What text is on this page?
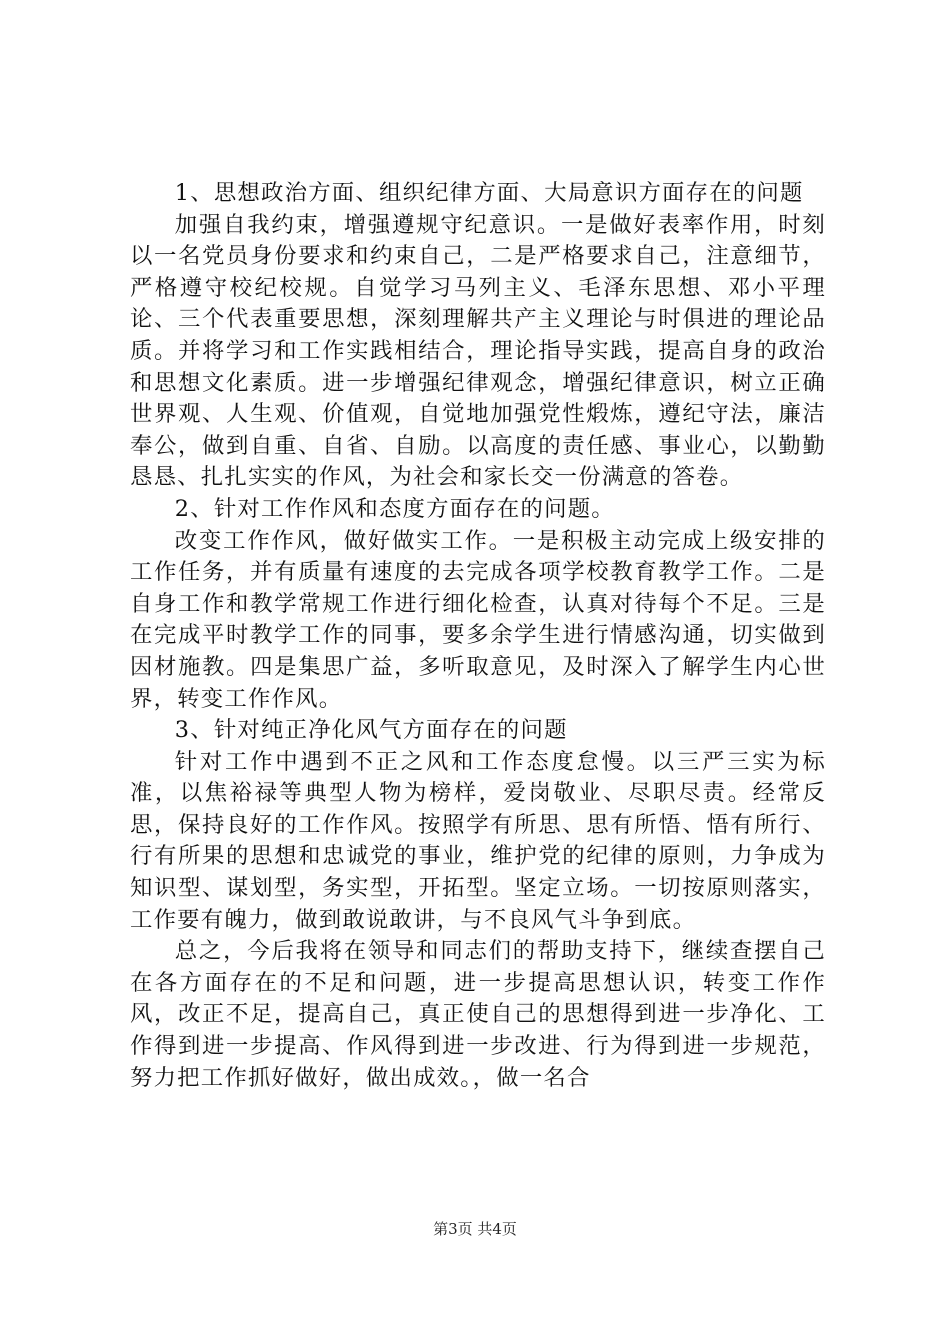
1、思想政治方面、组织纪律方面、大局意识方面存在的问题

加强自我约束，增强遵规守纪意识。一是做好表率作用，时刻以一名党员身份要求和约束自己，二是严格要求自己，注意细节，严格遵守校纪校规。自觉学习马列主义、毛泽东思想、邓小平理论、三个代表重要思想，深刻理解共产主义理论与时俱进的理论品质。并将学习和工作实践相结合，理论指导实践，提高自身的政治和思想文化素质。进一步增强纪律观念，增强纪律意识，树立正确世界观、人生观、价值观，自觉地加强党性煅炼，遵纪守法，廉洁奉公，做到自重、自省、自励。以高度的责任感、事业心，以勤勤恳恳、扎扎实实的作风，为社会和家长交一份满意的答卷。

2、针对工作作风和态度方面存在的问题。

改变工作作风，做好做实工作。一是积极主动完成上级安排的工作任务，并有质量有速度的去完成各项学校教育教学工作。二是自身工作和教学常规工作进行细化检查，认真对待每个不足。三是在完成平时教学工作的同事，要多余学生进行情感沟通，切实做到因材施教。四是集思广益，多听取意见，及时深入了解学生内心世界，转变工作作风。

3、针对纯正净化风气方面存在的问题

针对工作中遇到不正之风和工作态度怠慢。以三严三实为标准，以焦裕禄等典型人物为榜样，爱岗敬业、尽职尽责。经常反思，保持良好的工作作风。按照学有所思、思有所悟、悟有所行、行有所果的思想和忠诚党的事业，维护党的纪律的原则，力争成为知识型、谋划型，务实型，开拓型。坚定立场。一切按原则落实，工作要有魄力，做到敢说敢讲，与不良风气斗争到底。

总之，今后我将在领导和同志们的帮助支持下，继续查摆自己在各方面存在的不足和问题，进一步提高思想认识，转变工作作风，改正不足，提高自己，真正使自己的思想得到进一步净化、工作得到进一步提高、作风得到进一步改进、行为得到进一步规范，努力把工作抓好做好，做出成效。，做一名合

第3页 共4页
